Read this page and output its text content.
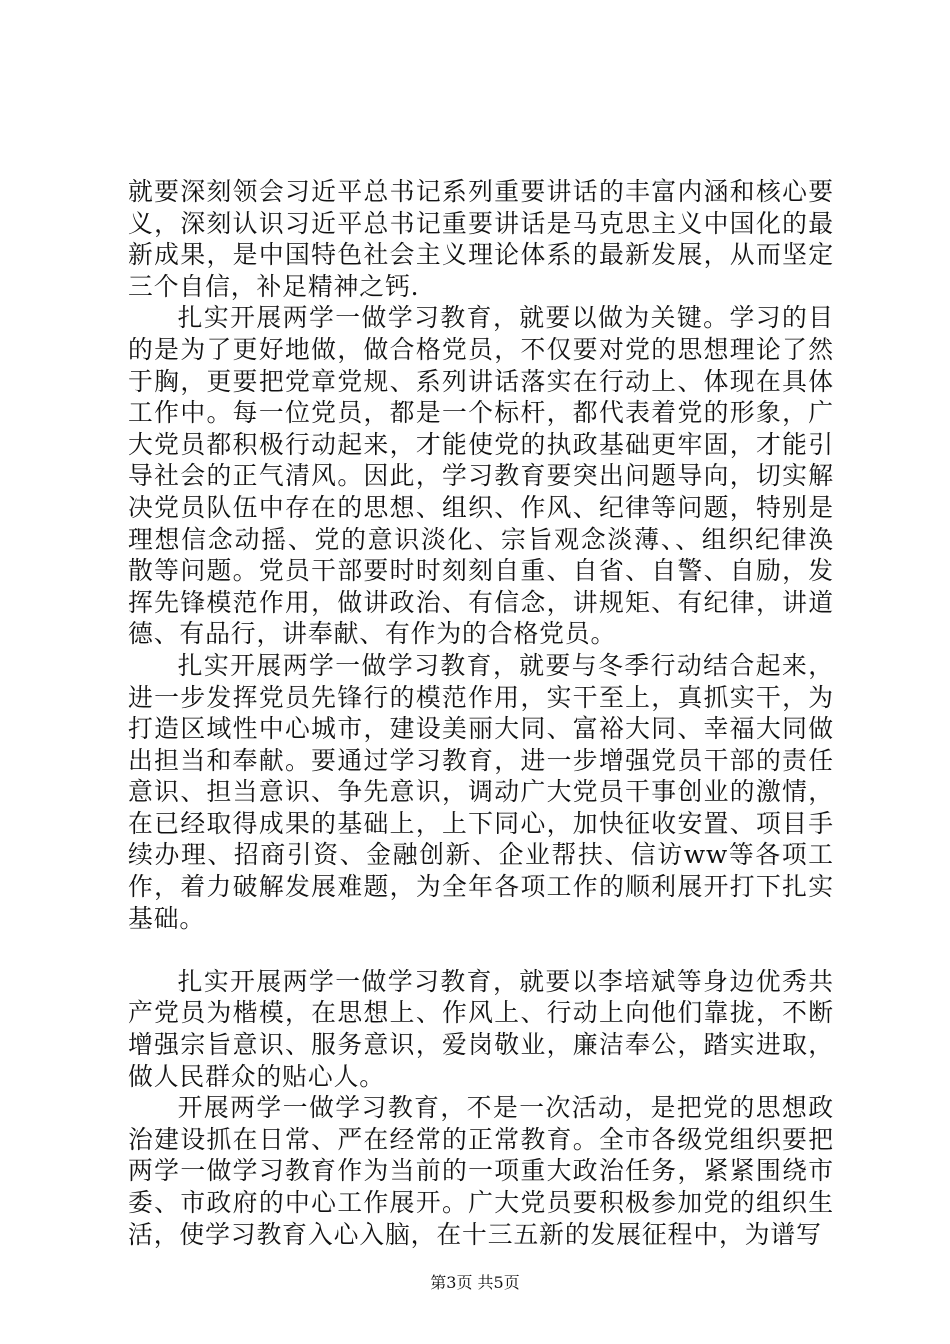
就要深刻领会习近平总书记系列重要讲话的丰富内涵和核心要义，深刻认识习近平总书记重要讲话是马克思主义中国化的最新成果，是中国特色社会主义理论体系的最新发展，从而坚定三个自信，补足精神之钙.

扎实开展两学一做学习教育，就要以做为关键。学习的目的是为了更好地做，做合格党员，不仅要对党的思想理论了然于胸，更要把党章党规、系列讲话落实在行动上、体现在具体工作中。每一位党员，都是一个标杆，都代表着党的形象，广大党员都积极行动起来，才能使党的执政基础更牢固，才能引导社会的正气清风。因此，学习教育要突出问题导向，切实解决党员队伍中存在的思想、组织、作风、纪律等问题，特别是理想信念动摇、党的意识淡化、宗旨观念淡薄、、组织纪律涣散等问题。党员干部要时时刻刻自重、自省、自警、自励，发挥先锋模范作用，做讲政治、有信念，讲规矩、有纪律，讲道德、有品行，讲奉献、有作为的合格党员。

扎实开展两学一做学习教育，就要与冬季行动结合起来，进一步发挥党员先锋行的模范作用，实干至上，真抓实干，为打造区域性中心城市，建设美丽大同、富裕大同、幸福大同做出担当和奉献。要通过学习教育，进一步增强党员干部的责任意识、担当意识、争先意识，调动广大党员干事创业的激情，在已经取得成果的基础上，上下同心，加快征收安置、项目手续办理、招商引资、金融创新、企业帮扶、信访ww等各项工作，着力破解发展难题，为全年各项工作的顺利展开打下扎实基础。

扎实开展两学一做学习教育，就要以李培斌等身边优秀共产党员为楷模，在思想上、作风上、行动上向他们靠拢，不断增强宗旨意识、服务意识，爱岗敬业，廉洁奉公，踏实进取，做人民群众的贴心人。

开展两学一做学习教育，不是一次活动，是把党的思想政治建设抓在日常、严在经常的正常教育。全市各级党组织要把两学一做学习教育作为当前的一项重大政治任务，紧紧围绕市委、市政府的中心工作展开。广大党员要积极参加党的组织生活，使学习教育入心入脑，在十三五新的发展征程中，为谱写

第3页 共5页
